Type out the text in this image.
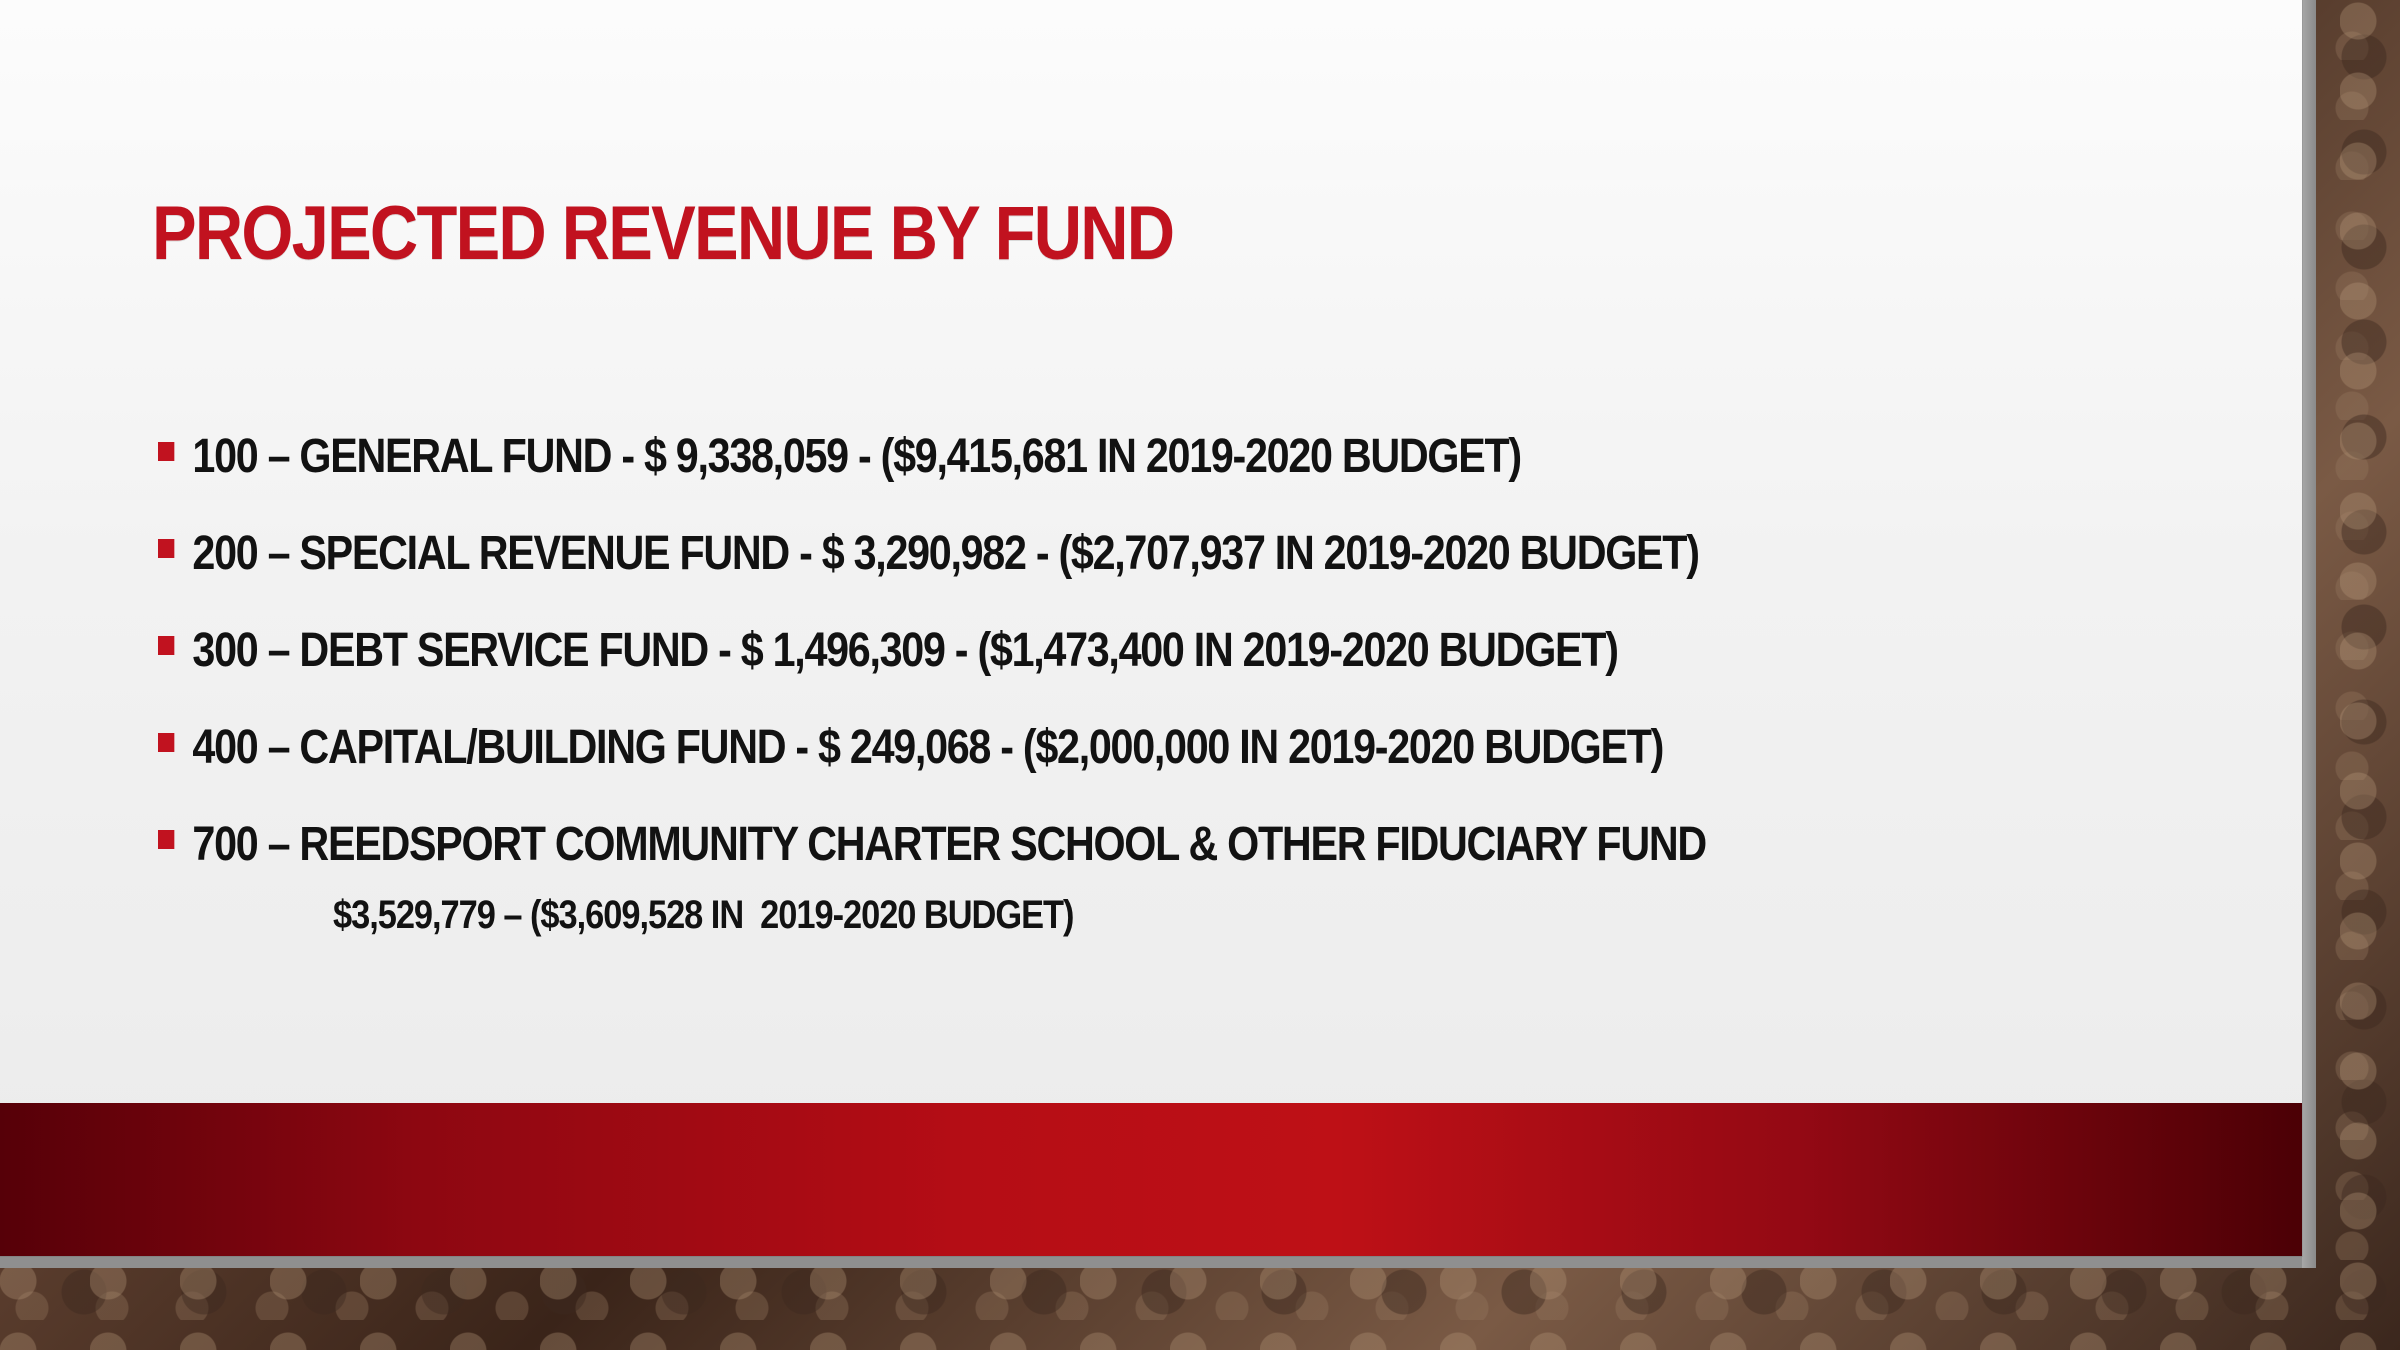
PROJECTED REVENUE BY FUND
100 – GENERAL FUND - $ 9,338,059 - ($9,415,681 IN 2019-2020 BUDGET)
200 – SPECIAL REVENUE FUND - $ 3,290,982 - ($2,707,937 IN 2019-2020 BUDGET)
300 – DEBT SERVICE FUND - $ 1,496,309 - ($1,473,400 IN 2019-2020 BUDGET)
400 – CAPITAL/BUILDING FUND - $ 249,068 - ($2,000,000 IN 2019-2020 BUDGET)
700 – REEDSPORT COMMUNITY CHARTER SCHOOL & OTHER FIDUCIARY FUND

$3,529,779 – ($3,609,528 IN  2019-2020 BUDGET)
